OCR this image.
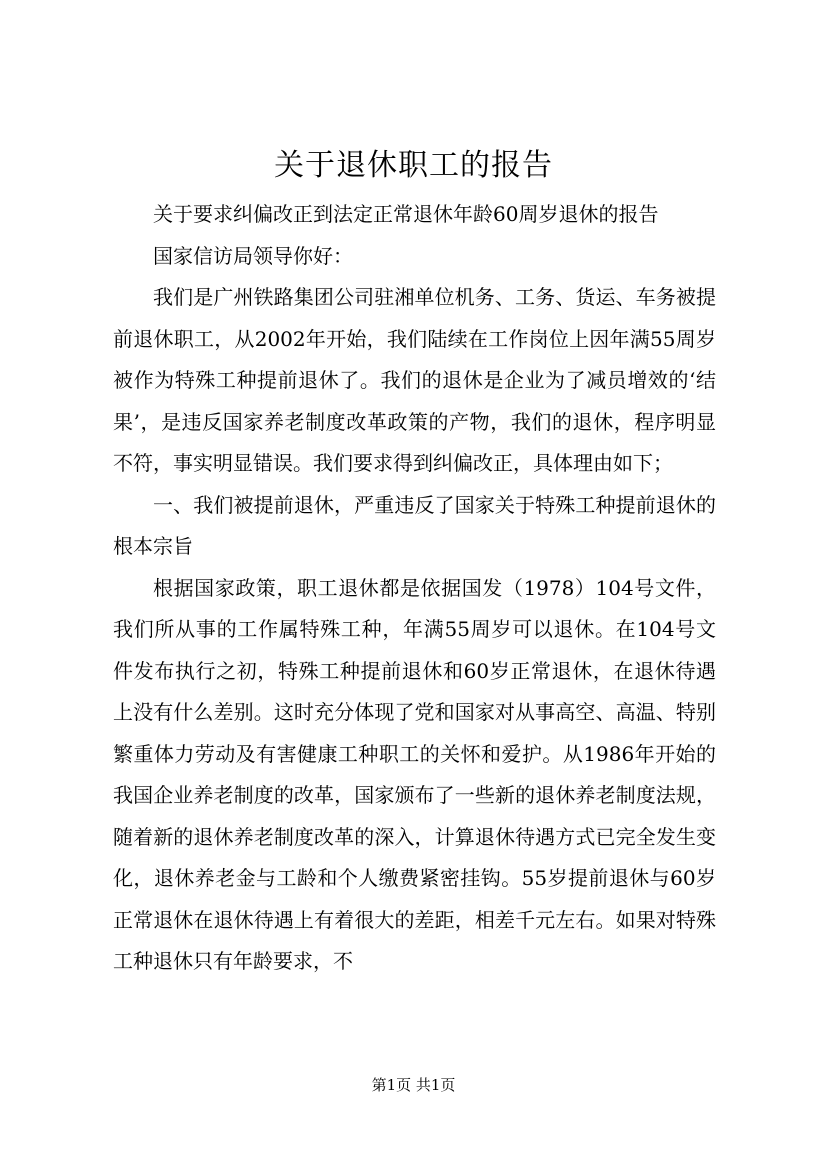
关于退休职工的报告

关于要求纠偏改正到法定正常退休年龄60周岁退休的报告

国家信访局领导你好：

我们是广州铁路集团公司驻湘单位机务、工务、货运、车务被提前退休职工，从2002年开始，我们陆续在工作岗位上因年满55周岁被作为特殊工种提前退休了。我们的退休是企业为了减员增效的‘结果’，是违反国家养老制度改革政策的产物，我们的退休，程序明显不符，事实明显错误。我们要求得到纠偏改正，具体理由如下；

一、我们被提前退休，严重违反了国家关于特殊工种提前退休的根本宗旨

根据国家政策，职工退休都是依据国发（1978）104号文件，我们所从事的工作属特殊工种，年满55周岁可以退休。在104号文件发布执行之初，特殊工种提前退休和60岁正常退休，在退休待遇上没有什么差别。这时充分体现了党和国家对从事高空、高温、特别繁重体力劳动及有害健康工种职工的关怀和爱护。从1986年开始的我国企业养老制度的改革，国家颁布了一些新的退休养老制度法规，随着新的退休养老制度改革的深入，计算退休待遇方式已完全发生变化，退休养老金与工龄和个人缴费紧密挂钩。55岁提前退休与60岁正常退休在退休待遇上有着很大的差距，相差千元左右。如果对特殊工种退休只有年龄要求，不

第1页 共1页
